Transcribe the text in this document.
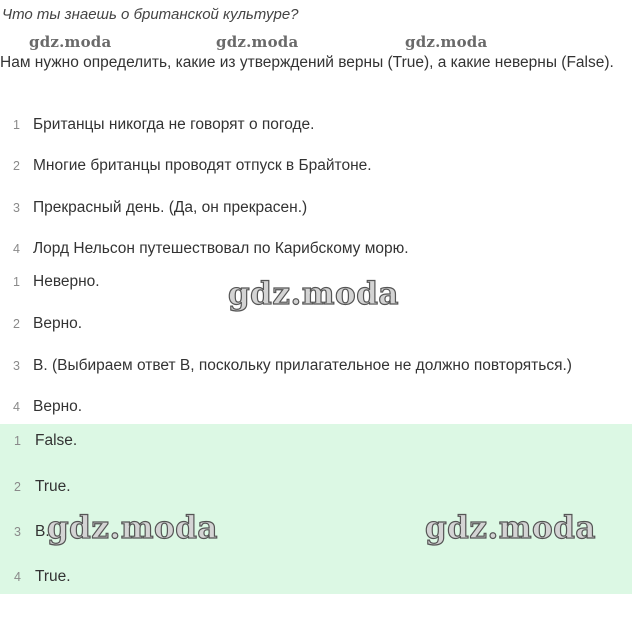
Что ты знаешь о британской культуре?
gdz.moda	gdz.moda	gdz.moda
Нам нужно определить, какие из утверждений верны (True), а какие неверны (False).
1 Британцы никогда не говорят о погоде.
2 Многие британцы проводят отпуск в Брайтоне.
3 Прекрасный день. (Да, он прекрасен.)
4 Лорд Нельсон путешествовал по Карибскому морю.
1 Неверно.
2 Верно.
3 B. (Выбираем ответ B, поскольку прилагательное не должно повторяться.)
4 Верно.
1 False.
2 True.
3 B.
4 True.
gdz.moda
gdz.moda	gdz.moda
